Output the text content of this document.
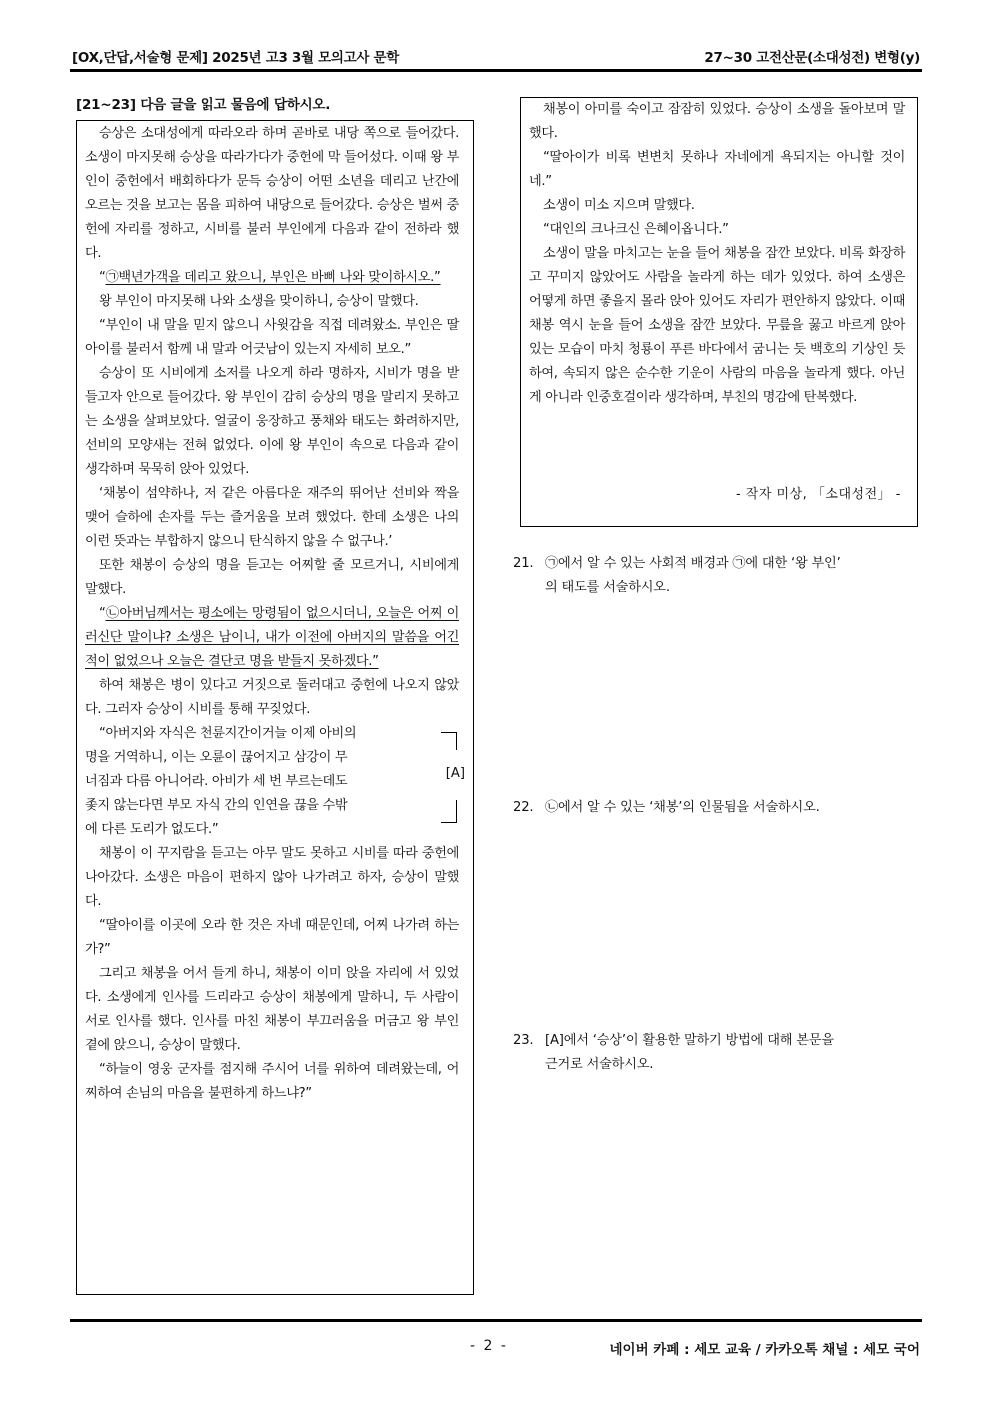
[OX,단답,서술형 문제] 2025년 고3 3월 모의고사 문학	27~30 고전산문(소대성전) 변형(y)
[21~23] 다음 글을 읽고 물음에 답하시오.

승상은 소대성에게 따라오라 하며 곧바로 내당 쪽으로 들어갔다. 소생이 마지못해 승상을 따라가다가 중헌에 막 들어섰다. 이때 왕 부인이 중헌에서 배회하다가 문득 승상이 어떤 소년을 데리고 난간에 오르는 것을 보고는 몸을 피하여 내당으로 들어갔다. 승상은 벌써 중헌에 자리를 정하고, 시비를 불러 부인에게 다음과 같이 전하라 했다.

“㉠백년가객을 데리고 왔으니, 부인은 바삐 나와 맞이하시오.”

왕 부인이 마지못해 나와 소생을 맞이하니, 승상이 말했다.

“부인이 내 말을 믿지 않으니 사윗감을 직접 데려왔소. 부인은 딸아이를 불러서 함께 내 말과 어긋남이 있는지 자세히 보오.”

승상이 또 시비에게 소저를 나오게 하라 명하자, 시비가 명을 받들고자 안으로 들어갔다. 왕 부인이 감히 승상의 명을 말리지 못하고는 소생을 살펴보았다. 얼굴이 웅장하고 풍채와 태도는 화려하지만, 선비의 모양새는 전혀 없었다. 이에 왕 부인이 속으로 다음과 같이 생각하며 묵묵히 앉아 있었다.

‘채봉이 섬약하나, 저 같은 아름다운 재주의 뛰어난 선비와 짝을 맺어 슬하에 손자를 두는 즐거움을 보려 했었다. 한데 소생은 나의 이런 뜻과는 부합하지 않으니 탄식하지 않을 수 없구나.’

또한 채봉이 승상의 명을 듣고는 어찌할 줄 모르거니, 시비에게 말했다.

“㉡아버님께서는 평소에는 망령됨이 없으시더니, 오늘은 어찌 이러신단 말이냐? 소생은 남이니, 내가 이전에 아버지의 말씀을 어긴 적이 없었으나 오늘은 결단코 명을 받들지 못하겠다.”

하여 채봉은 병이 있다고 거짓으로 둘러대고 중헌에 나오지 않았다. 그러자 승상이 시비를 통해 꾸짖었다.

“아버지와 자식은 천륜지간이거늘 이제 아비의
명을 거역하니, 이는 오륜이 끊어지고 삼강이 무
너짐과 다름 아니어라. 아비가 세 번 부르는데도
좇지 않는다면 부모 자식 간의 인연을 끊을 수밖
에 다른 도리가 없도다.”
[A]

채봉이 이 꾸지람을 듣고는 아무 말도 못하고 시비를 따라 중헌에 나아갔다. 소생은 마음이 편하지 않아 나가려고 하자, 승상이 말했다.

“딸아이를 이곳에 오라 한 것은 자네 때문인데, 어찌 나가려 하는가?”

그리고 채봉을 어서 들게 하니, 채봉이 이미 앉을 자리에 서 있었다. 소생에게 인사를 드리라고 승상이 채봉에게 말하니, 두 사람이 서로 인사를 했다. 인사를 마친 채봉이 부끄러움을 머금고 왕 부인 곁에 앉으니, 승상이 말했다.

“하늘이 영웅 군자를 점지해 주시어 너를 위하여 데려왔는데, 어찌하여 손님의 마음을 불편하게 하느냐?”

채봉이 아미를 숙이고 잠잠히 있었다. 승상이 소생을 돌아보며 말했다.

“딸아이가 비록 변변치 못하나 자네에게 욕되지는 아니할 것이네.”

소생이 미소 지으며 말했다.

“대인의 크나크신 은혜이옵니다.”

소생이 말을 마치고는 눈을 들어 채봉을 잠깐 보았다. 비록 화장하고 꾸미지 않았어도 사람을 놀라게 하는 데가 있었다. 하여 소생은 어떻게 하면 좋을지 몰라 앉아 있어도 자리가 편안하지 않았다. 이때 채봉 역시 눈을 들어 소생을 잠깐 보았다. 무릎을 꿇고 바르게 앉아 있는 모습이 마치 청룡이 푸른 바다에서 굼니는 듯 백호의 기상인 듯하여, 속되지 않은 순수한 기운이 사람의 마음을 놀라게 했다. 아닌 게 아니라 인중호걸이라 생각하며, 부친의 명감에 탄복했다.

- 작자 미상, 「소대성전」 -
21. ㉠에서 알 수 있는 사회적 배경과 ㉠에 대한 ‘왕 부인’
의 태도를 서술하시오.
22. ㉡에서 알 수 있는 ‘채봉’의 인물됨을 서술하시오.
23. [A]에서 ‘승상’이 활용한 말하기 방법에 대해 본문을
근거로 서술하시오.
- 2 -	네이버 카페 : 세모 교육 / 카카오톡 채널 : 세모 국어
